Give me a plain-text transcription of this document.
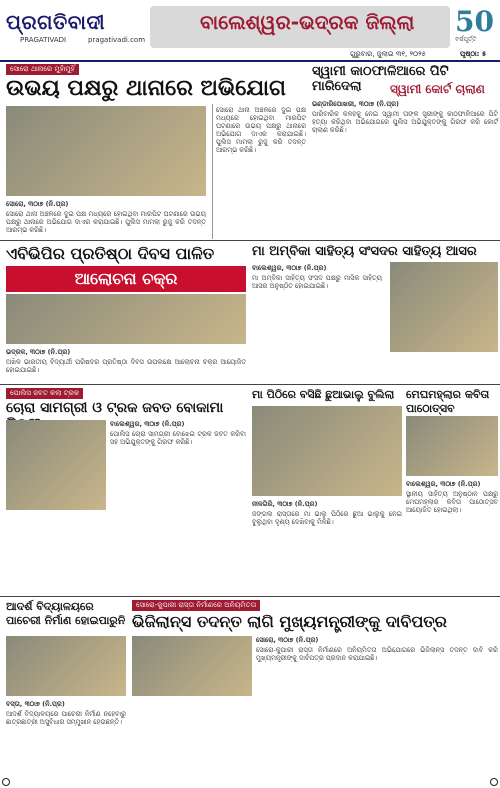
ପ୍ରଗତିବାଦୀ
PRAGATIVADI	pragativadi.com
ବାଲେଶ୍ୱର-ଭଦ୍ରକ ଜିଲ୍ଲା 50
ବର୍ଷପୂର୍ତ୍ତି
ଗୁରୁବାର, ଜୁଲାଇ ୩୧, ୨୦୨୫	ପୃଷ୍ଠା: ୫
ସୋରୋ ଥାନାରେ ମୁହାଁମୁହିଁ
ଉଭୟ ପକ୍ଷରୁ ଥାନାରେ ଅଭିଯୋଗ
ସୋରୋ, ୩୦ା୭ (ନି.ପ୍ର)
ସୋରୋ ଥାନା ଅଞ୍ଚଳରେ ଦୁଇ ପକ୍ଷ ମଧ୍ୟରେ ହୋଇଥିବା ମାରପିଟ ଘଟଣାରେ ଉଭୟ ପକ୍ଷରୁ ଥାନାରେ ଅଭିଯୋଗ ଦାଏର କରାଯାଇଛି। ପୁଲିସ ମାମଲା ରୁଜୁ କରି ତଦନ୍ତ ଆରମ୍ଭ କରିଛି।
ସୋରୋ ଥାନା ଅଞ୍ଚଳରେ ଦୁଇ ପକ୍ଷ ମଧ୍ୟରେ ହୋଇଥିବା ମାରପିଟ ଘଟଣାରେ ଉଭୟ ପକ୍ଷରୁ ଥାନାରେ ଅଭିଯୋଗ ଦାଏର କରାଯାଇଛି। ପୁଲିସ ମାମଲା ରୁଜୁ କରି ତଦନ୍ତ ଆରମ୍ଭ କରିଛି।
ସ୍ୱାମୀ କାଠଫାଳିଆରେ ପିଟି ମାରିଦେଲା	ସ୍ୱାମୀ କୋର୍ଟ ଚାଲାଣ
ଭଣ୍ଡାରିପୋଖରୀ, ୩୦ା୭ (ନି.ପ୍ର)
ପାରିବାରିକ କଳହକୁ ନେଇ ସ୍ୱାମୀ ତାଙ୍କ ସ୍ତ୍ରୀଙ୍କୁ କାଠଫାଳିଆରେ ପିଟି ହତ୍ୟା କରିଥିବା ଅଭିଯୋଗରେ ପୁଲିସ ଅଭିଯୁକ୍ତଙ୍କୁ ଗିରଫ କରି କୋର୍ଟ ଚାଲାଣ କରିଛି।
ଏବିଭିପିର ପ୍ରତିଷ୍ଠା ଦିବସ ପାଳିତ
ଆଲୋଚନା ଚକ୍ର
ଭଦ୍ରକ, ୩୦ା୭ (ନି.ପ୍ର)
ଅଖିଳ ଭାରତୀୟ ବିଦ୍ୟାର୍ଥୀ ପରିଷଦର ପ୍ରତିଷ୍ଠା ଦିବସ ଉପଲକ୍ଷେ ଆଲୋଚନା ଚକ୍ର ଆୟୋଜିତ ହୋଇଯାଇଛି।
ମା ଅମ୍ବିକା ସାହିତ୍ୟ ସଂସଦର ସାହିତ୍ୟ ଆସର
ବାଲେଶ୍ୱର, ୩୦ା୭ (ନି.ପ୍ର)
ମା ଅମ୍ବିକା ସାହିତ୍ୟ ସଂସଦ ପକ୍ଷରୁ ମାସିକ ସାହିତ୍ୟ ଆସର ଅନୁଷ୍ଠିତ ହୋଇଯାଇଛି।
ପୋଲିସ ଜବତ କଲା ଟ୍ରକ
ଚୋରା ସାମଗ୍ରୀ ଓ ଟ୍ରକ ଜବତ ବୋକାମା
ବାଲେଶ୍ୱର, ୩୦ା୭ (ନି.ପ୍ର)
ପୋଲିସ ଚୋରା ସାମଗ୍ରୀ ବୋଝେଇ ଟ୍ରକ ଜବତ କରିବା ସହ ଅଭିଯୁକ୍ତଙ୍କୁ ଗିରଫ କରିଛି।
ମା ପିଠିରେ ବସିଛି ଛୁଆଭାଲୁ ବୁଲିଲା
ନୀଳଗିରି, ୩୦ା୭ (ନି.ପ୍ର)
ଜଙ୍ଗଲ ରାସ୍ତାରେ ମା ଭାଲୁ ପିଠିରେ ଛୁଆ ଭାଲୁକୁ ନେଇ ବୁଲୁଥିବା ଦୃଶ୍ୟ ଦେଖିବାକୁ ମିଳିଛି।
ମେଘମହ୍ଲାର କବିତା ପାଠୋତ୍ସବ
ବାଲେଶ୍ୱର, ୩୦ା୭ (ନି.ପ୍ର)
ସ୍ଥାନୀୟ ସାହିତ୍ୟ ଅନୁଷ୍ଠାନ ପକ୍ଷରୁ ମେଘମହ୍ଲାର କବିତା ପାଠୋତ୍ସବ ଆୟୋଜିତ ହୋଇଥିଲା।
ଆଦର୍ଶ ବିଦ୍ୟାଳୟରେ ପାଚେରୀ ନିର୍ମାଣ ହୋଇପାରୁନି
ବସ୍ତା, ୩୦ା୭ (ନି.ପ୍ର)
ଆଦର୍ଶ ବିଦ୍ୟାଳୟରେ ପାଚେରୀ ନିର୍ମାଣ ନହେବାରୁ ଛାତ୍ରଛାତ୍ରୀ ଅସୁବିଧାର ସମ୍ମୁଖୀନ ହେଉଛନ୍ତି।
ସୋରୋ-କୁପାରୀ ରାସ୍ତା ନିର୍ମାଣରେ ଅନିୟମିତତା
ଭିଜିଲାନ୍ସ ତଦନ୍ତ ଲାଗି ମୁଖ୍ୟମନ୍ତ୍ରୀଙ୍କୁ ଦାବିପତ୍ର
ସୋରୋ, ୩୦ା୭ (ନି.ପ୍ର)
ସୋରୋ-କୁପାରୀ ରାସ୍ତା ନିର୍ମାଣରେ ଅନିୟମିତତା ଅଭିଯୋଗରେ ଭିଜିଲାନ୍ସ ତଦନ୍ତ ଦାବି କରି ମୁଖ୍ୟମନ୍ତ୍ରୀଙ୍କୁ ଦାବିପତ୍ର ପ୍ରଦାନ କରାଯାଇଛି।
